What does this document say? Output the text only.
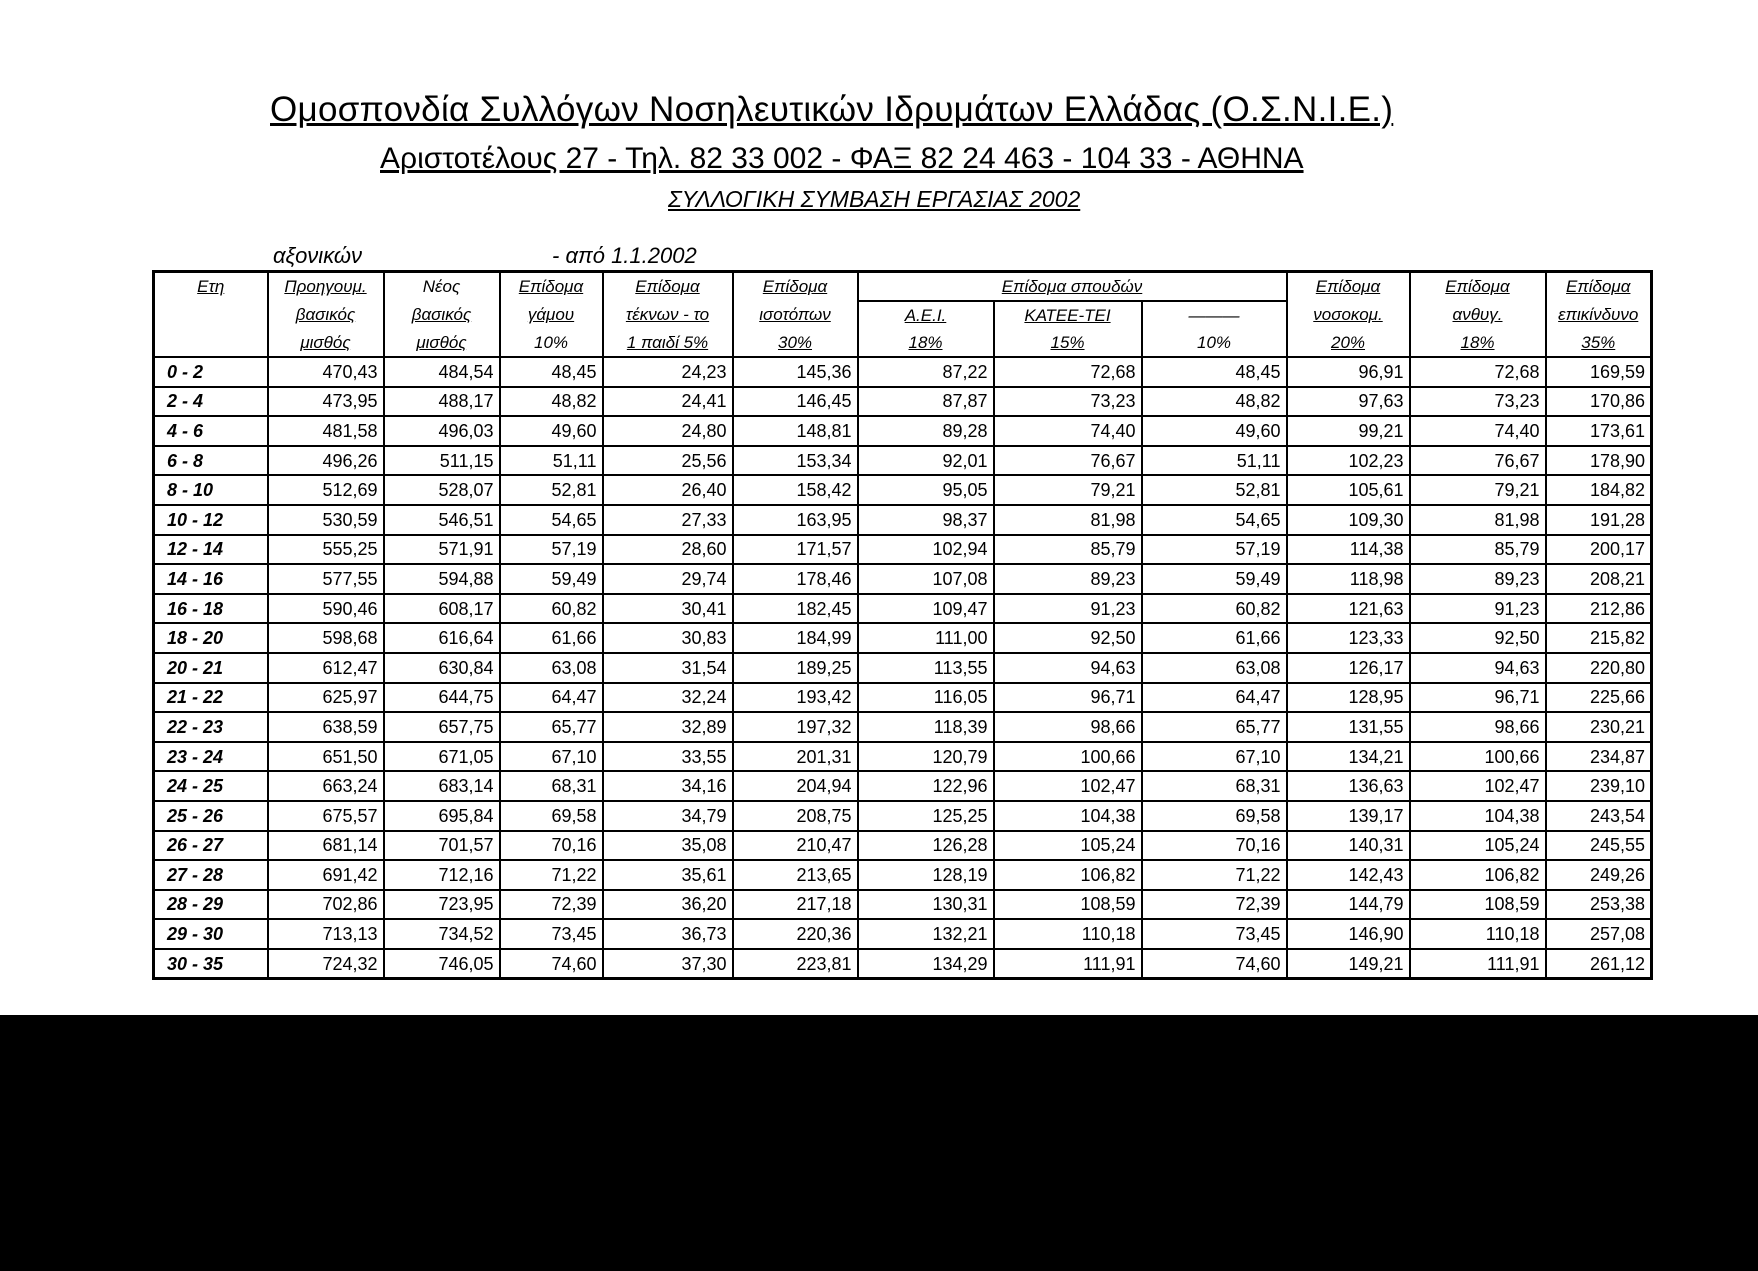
Ομοσπονδία Συλλόγων Νοσηλευτικών Ιδρυμάτων Ελλάδας (Ο.Σ.Ν.Ι.Ε.)
Αριστοτέλους 27 - Τηλ. 82 33 002 - ΦΑΞ 82 24 463 - 104 33 - ΑΘΗΝΑ
ΣΥΛΛΟΓΙΚΗ ΣΥΜΒΑΣΗ ΕΡΓΑΣΙΑΣ 2002
αξονικών	- από 1.1.2002
Ετη	Προηγουμ.	Νέος	Επίδομα	Επίδομα	Επίδομα	Επίδομα σπουδών			Επίδομα	Επίδομα	Επίδομα
	βασικός	βασικός	γάμου	τέκνων - το	ισοτόπων	Α.Ε.Ι.	ΚΑΤΕΕ-ΤΕΙ	———	νοσοκομ.	ανθυγ.	επικίνδυνο
	μισθός	μισθός	10%	1 παιδί 5%	30%	18%	15%	10%	20%	18%	35%
0 - 2	470,43	484,54	48,45	24,23	145,36	87,22	72,68	48,45	96,91	72,68	169,59
2 - 4	473,95	488,17	48,82	24,41	146,45	87,87	73,23	48,82	97,63	73,23	170,86
4 - 6	481,58	496,03	49,60	24,80	148,81	89,28	74,40	49,60	99,21	74,40	173,61
6 - 8	496,26	511,15	51,11	25,56	153,34	92,01	76,67	51,11	102,23	76,67	178,90
8 - 10	512,69	528,07	52,81	26,40	158,42	95,05	79,21	52,81	105,61	79,21	184,82
10 - 12	530,59	546,51	54,65	27,33	163,95	98,37	81,98	54,65	109,30	81,98	191,28
12 - 14	555,25	571,91	57,19	28,60	171,57	102,94	85,79	57,19	114,38	85,79	200,17
14 - 16	577,55	594,88	59,49	29,74	178,46	107,08	89,23	59,49	118,98	89,23	208,21
16 - 18	590,46	608,17	60,82	30,41	182,45	109,47	91,23	60,82	121,63	91,23	212,86
18 - 20	598,68	616,64	61,66	30,83	184,99	111,00	92,50	61,66	123,33	92,50	215,82
20 - 21	612,47	630,84	63,08	31,54	189,25	113,55	94,63	63,08	126,17	94,63	220,80
21 - 22	625,97	644,75	64,47	32,24	193,42	116,05	96,71	64,47	128,95	96,71	225,66
22 - 23	638,59	657,75	65,77	32,89	197,32	118,39	98,66	65,77	131,55	98,66	230,21
23 - 24	651,50	671,05	67,10	33,55	201,31	120,79	100,66	67,10	134,21	100,66	234,87
24 - 25	663,24	683,14	68,31	34,16	204,94	122,96	102,47	68,31	136,63	102,47	239,10
25 - 26	675,57	695,84	69,58	34,79	208,75	125,25	104,38	69,58	139,17	104,38	243,54
26 - 27	681,14	701,57	70,16	35,08	210,47	126,28	105,24	70,16	140,31	105,24	245,55
27 - 28	691,42	712,16	71,22	35,61	213,65	128,19	106,82	71,22	142,43	106,82	249,26
28 - 29	702,86	723,95	72,39	36,20	217,18	130,31	108,59	72,39	144,79	108,59	253,38
29 - 30	713,13	734,52	73,45	36,73	220,36	132,21	110,18	73,45	146,90	110,18	257,08
30 - 35	724,32	746,05	74,60	37,30	223,81	134,29	111,91	74,60	149,21	111,91	261,12
